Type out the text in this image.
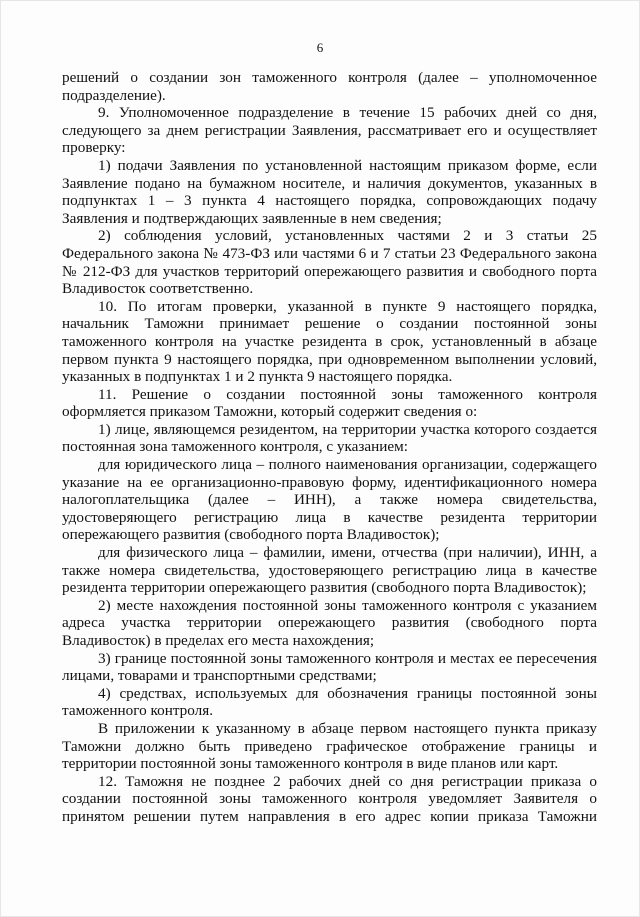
6

решений о создании зон таможенного контроля (далее – уполномоченное подразделение).

9. Уполномоченное подразделение в течение 15 рабочих дней со дня, следующего за днем регистрации Заявления, рассматривает его и осуществляет проверку:

1) подачи Заявления по установленной настоящим приказом форме, если Заявление подано на бумажном носителе, и наличия документов, указанных в подпунктах 1 – 3 пункта 4 настоящего порядка, сопровождающих подачу Заявления и подтверждающих заявленные в нем сведения;

2) соблюдения условий, установленных частями 2 и 3 статьи 25 Федерального закона № 473-ФЗ или частями 6 и 7 статьи 23 Федерального закона № 212-ФЗ для участков территорий опережающего развития и свободного порта Владивосток соответственно.

10. По итогам проверки, указанной в пункте 9 настоящего порядка, начальник Таможни принимает решение о создании постоянной зоны таможенного контроля на участке резидента в срок, установленный в абзаце первом пункта 9 настоящего порядка, при одновременном выполнении условий, указанных в подпунктах 1 и 2 пункта 9 настоящего порядка.

11. Решение о создании постоянной зоны таможенного контроля оформляется приказом Таможни, который содержит сведения о:

1) лице, являющемся резидентом, на территории участка которого создается постоянная зона таможенного контроля, с указанием:

для юридического лица – полного наименования организации, содержащего указание на ее организационно-правовую форму, идентификационного номера налогоплательщика (далее – ИНН), а также номера свидетельства, удостоверяющего регистрацию лица в качестве резидента территории опережающего развития (свободного порта Владивосток);

для физического лица – фамилии, имени, отчества (при наличии), ИНН, а также номера свидетельства, удостоверяющего регистрацию лица в качестве резидента территории опережающего развития (свободного порта Владивосток);

2) месте нахождения постоянной зоны таможенного контроля с указанием адреса участка территории опережающего развития (свободного порта Владивосток) в пределах его места нахождения;

3) границе постоянной зоны таможенного контроля и местах ее пересечения лицами, товарами и транспортными средствами;

4) средствах, используемых для обозначения границы постоянной зоны таможенного контроля.

В приложении к указанному в абзаце первом настоящего пункта приказу Таможни должно быть приведено графическое отображение границы и территории постоянной зоны таможенного контроля в виде планов или карт.

12. Таможня не позднее 2 рабочих дней со дня регистрации приказа о создании постоянной зоны таможенного контроля уведомляет Заявителя о принятом решении путем направления в его адрес копии приказа Таможни
